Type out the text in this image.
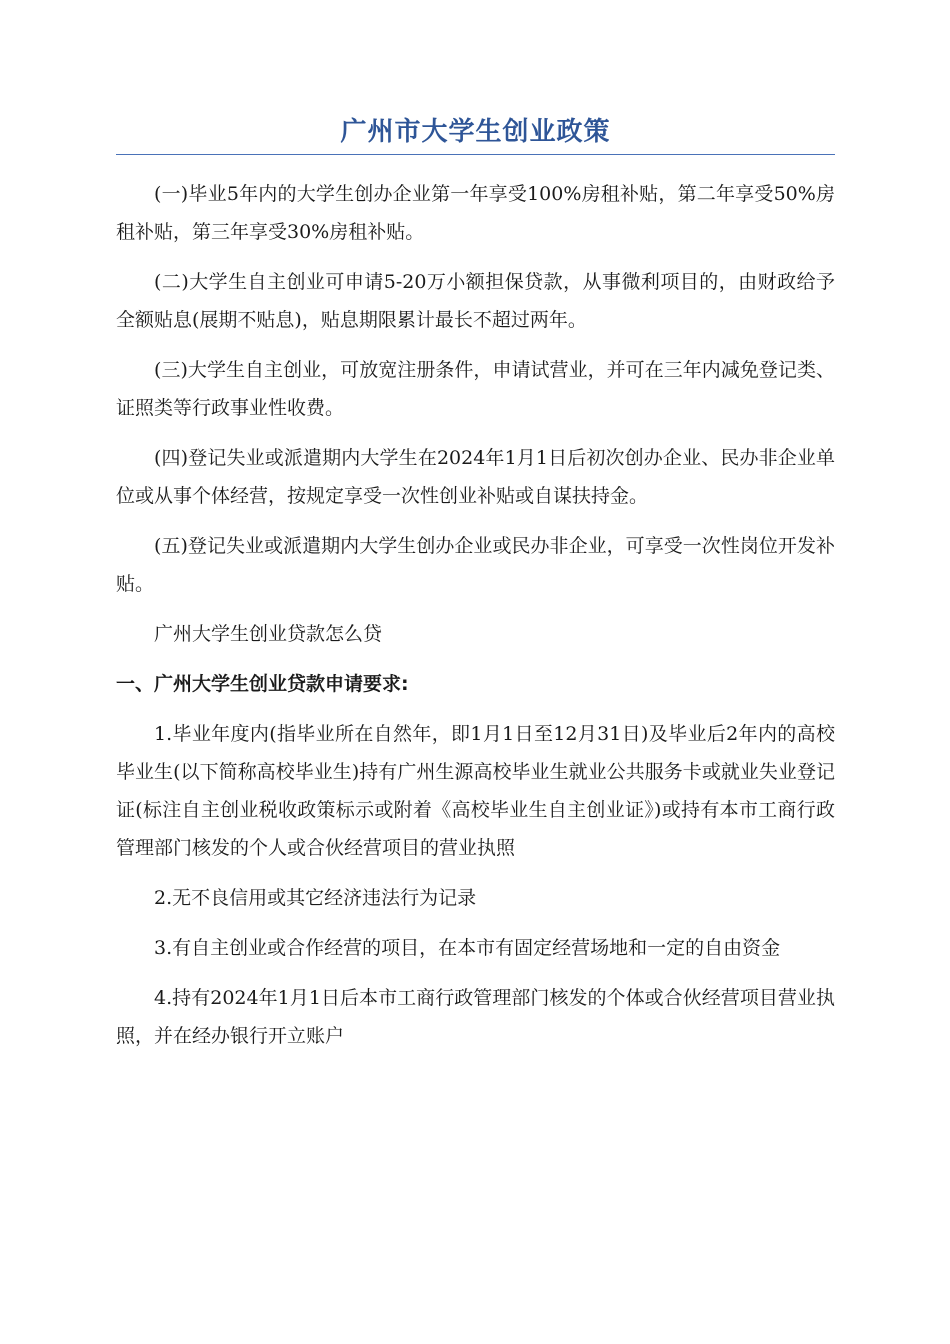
广州市大学生创业政策

(一)毕业5年内的大学生创办企业第一年享受100%房租补贴，第二年享受50%房租补贴，第三年享受30%房租补贴。

(二)大学生自主创业可申请5-20万小额担保贷款，从事微利项目的，由财政给予全额贴息(展期不贴息)，贴息期限累计最长不超过两年。

(三)大学生自主创业，可放宽注册条件，申请试营业，并可在三年内减免登记类、证照类等行政事业性收费。

(四)登记失业或派遣期内大学生在2024年1月1日后初次创办企业、民办非企业单位或从事个体经营，按规定享受一次性创业补贴或自谋扶持金。

(五)登记失业或派遣期内大学生创办企业或民办非企业，可享受一次性岗位开发补贴。

广州大学生创业贷款怎么贷

一、广州大学生创业贷款申请要求:

1.毕业年度内(指毕业所在自然年，即1月1日至12月31日)及毕业后2年内的高校毕业生(以下简称高校毕业生)持有广州生源高校毕业生就业公共服务卡或就业失业登记证(标注自主创业税收政策标示或附着《高校毕业生自主创业证》)或持有本市工商行政管理部门核发的个人或合伙经营项目的营业执照

2.无不良信用或其它经济违法行为记录

3.有自主创业或合作经营的项目，在本市有固定经营场地和一定的自由资金

4.持有2024年1月1日后本市工商行政管理部门核发的个体或合伙经营项目营业执照，并在经办银行开立账户
